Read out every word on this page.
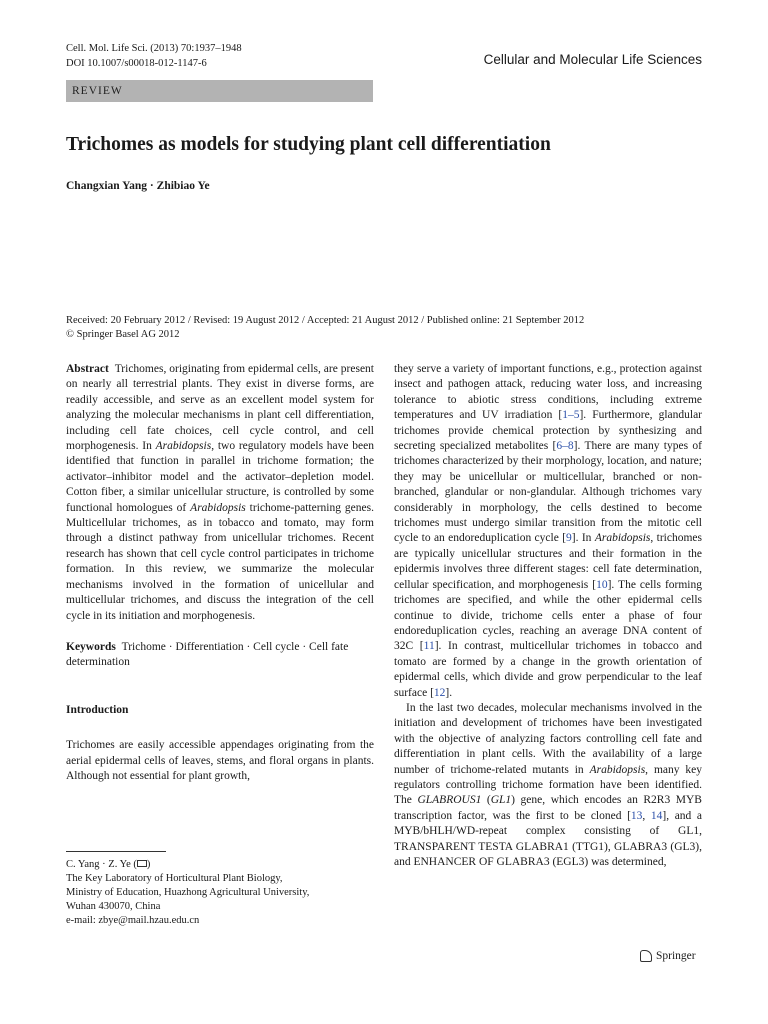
Cell. Mol. Life Sci. (2013) 70:1937–1948
DOI 10.1007/s00018-012-1147-6	Cellular and Molecular Life Sciences
REVIEW
Trichomes as models for studying plant cell differentiation
Changxian Yang · Zhibiao Ye
Received: 20 February 2012 / Revised: 19 August 2012 / Accepted: 21 August 2012 / Published online: 21 September 2012
© Springer Basel AG 2012

Abstract Trichomes, originating from epidermal cells, are present on nearly all terrestrial plants. They exist in diverse forms, are readily accessible, and serve as an excellent model system for analyzing the molecular mechanisms in plant cell differentiation, including cell fate choices, cell cycle control, and cell morphogenesis. In Arabidopsis, two regulatory models have been identified that function in parallel in trichome formation; the activator–inhibitor model and the activator–depletion model. Cotton fiber, a similar unicellular structure, is controlled by some functional homologues of Arabidopsis trichome-patterning genes. Multicellular trichomes, as in tobacco and tomato, may form through a distinct pathway from unicellular trichomes. Recent research has shown that cell cycle control participates in trichome formation. In this review, we summarize the molecular mechanisms involved in the formation of unicellular and multicellular trichomes, and discuss the integration of the cell cycle in its initiation and morphogenesis.

Keywords Trichome · Differentiation · Cell cycle · Cell fate determination

Introduction

Trichomes are easily accessible appendages originating from the aerial epidermal cells of leaves, stems, and floral organs in plants. Although not essential for plant growth,

C. Yang · Z. Ye ( )
The Key Laboratory of Horticultural Plant Biology,
Ministry of Education, Huazhong Agricultural University,
Wuhan 430070, China
e-mail: zbye@mail.hzau.edu.cn

they serve a variety of important functions, e.g., protection against insect and pathogen attack, reducing water loss, and increasing tolerance to abiotic stress conditions, including extreme temperatures and UV irradiation [1–5]. Furthermore, glandular trichomes provide chemical protection by synthesizing and secreting specialized metabolites [6–8]. There are many types of trichomes characterized by their morphology, location, and nature; they may be unicellular or multicellular, branched or non-branched, glandular or non-glandular. Although trichomes vary considerably in morphology, the cells destined to become trichomes must undergo similar transition from the mitotic cell cycle to an endoreduplication cycle [9]. In Arabidopsis, trichomes are typically unicellular structures and their formation in the epidermis involves three different stages: cell fate determination, cellular specification, and morphogenesis [10]. The cells forming trichomes are specified, and while the other epidermal cells continue to divide, trichome cells enter a phase of four endoreduplication cycles, reaching an average DNA content of 32C [11]. In contrast, multicellular trichomes in tobacco and tomato are formed by a change in the growth orientation of epidermal cells, which divide and grow perpendicular to the leaf surface [12].

In the last two decades, molecular mechanisms involved in the initiation and development of trichomes have been investigated with the objective of analyzing factors controlling cell fate and differentiation in plant cells. With the availability of a large number of trichome-related mutants in Arabidopsis, many key regulators controlling trichome formation have been identified. The GLABROUS1 (GL1) gene, which encodes an R2R3 MYB transcription factor, was the first to be cloned [13, 14], and a MYB/bHLH/WD-repeat complex consisting of GL1, TRANSPARENT TESTA GLABRA1 (TTG1), GLABRA3 (GL3), and ENHANCER OF GLABRA3 (EGL3) was determined,

Springer
